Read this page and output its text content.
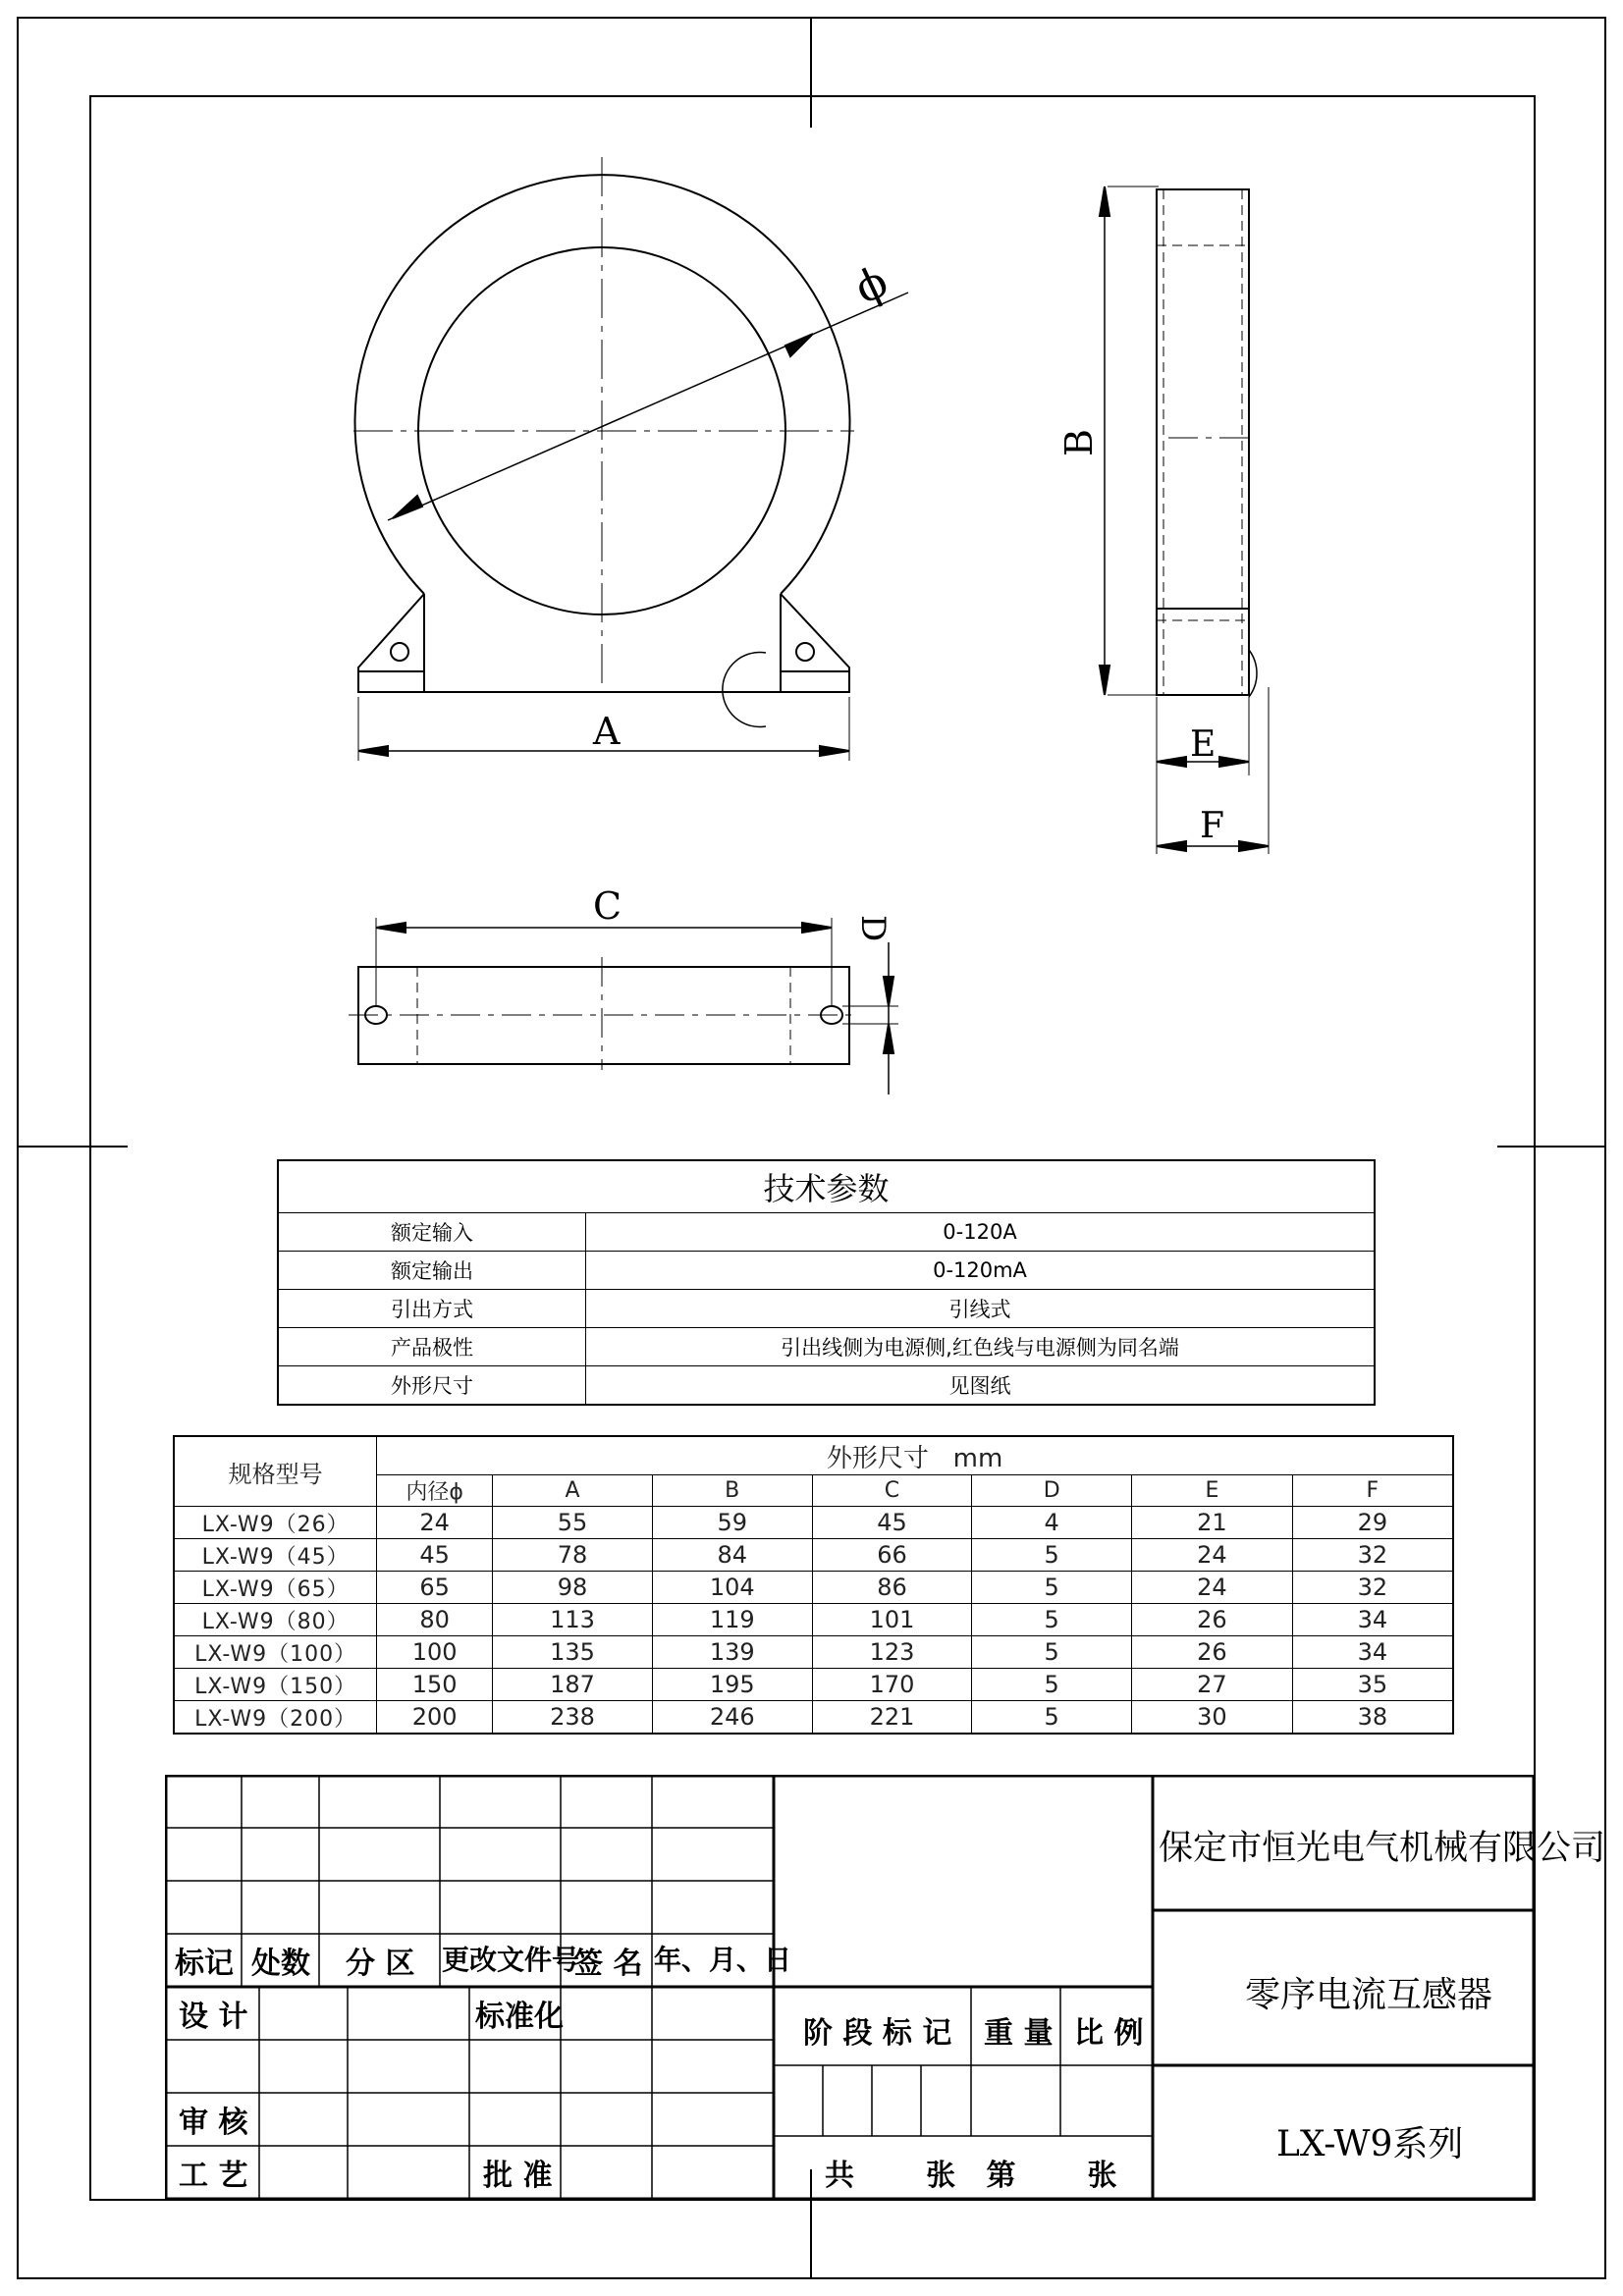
ϕ
A
B
E
F
C
D
技术参数	
额定输入	0-120A
额定输出	0-120mA
引出方式	引线式
产品极性	引出线侧为电源侧,红色线与电源侧为同名端
外形尺寸	见图纸
规格型号	外形尺寸   mm						
	内径ϕ	A	B	C	D	E	F
LX-W9（26）	24	55	59	45	4	21	29
LX-W9（45）	45	78	84	66	5	24	32
LX-W9（65）	65	98	104	86	5	24	32
LX-W9（80）	80	113	119	101	5	26	34
LX-W9（100）	100	135	139	123	5	26	34
LX-W9（150）	150	187	195	170	5	27	35
LX-W9（200）	200	238	246	221	5	30	38
标记 处数 分 区 更改文件号
签 名 年、月、日
设 计	标准化
审 核
工 艺	批 准
阶 段 标 记 重 量 比 例
共       张   第       张
保定市恒光电气机械有限公司
零序电流互感器
LX-W9系列
